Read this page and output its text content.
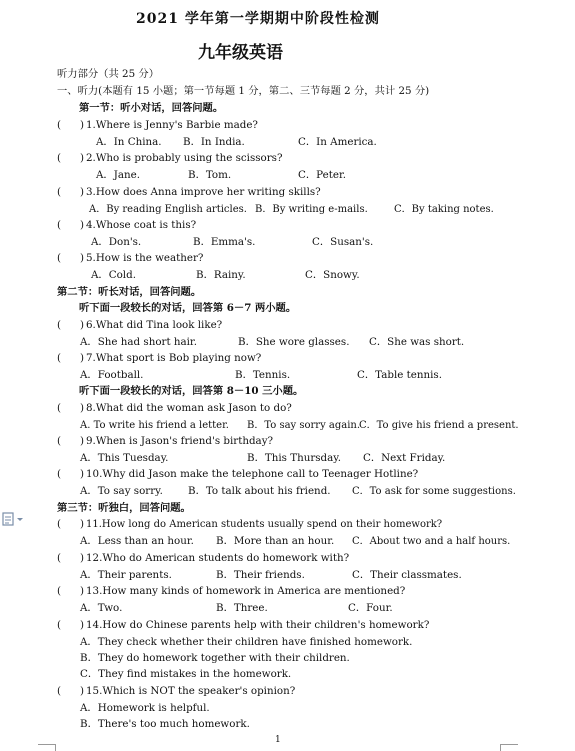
2021 学年第一学期期中阶段性检测
九年级英语
听力部分（共 25 分）
一、听力(本题有 15 小题；第一节每题 1 分，第二、三节每题 2 分，共计 25 分)
第一节：听小对话，回答问题。
( ) 1.Where is Jenny's Barbie made?
A．In China. B．In India.	C．In America.
( ) 2.Who is probably using the scissors?
A．Jane.	B．Tom.	C．Peter.
( ) 3.How does Anna improve her writing skills?
A．By reading English articles. B．By writing e-mails.	C．By taking notes.
( ) 4.Whose coat is this?
A．Don's.	B．Emma's.	C．Susan's.
( ) 5.How is the weather?
A．Cold.	B．Rainy.	C．Snowy.
第二节：听长对话，回答问题。
听下面一段较长的对话，回答第 6－7 两小题。
( ) 6.What did Tina look like?
A．She had short hair.	B．She wore glasses. C．She was short.
( ) 7.What sport is Bob playing now?
A．Football.	B．Tennis.	C．Table tennis.
听下面一段较长的对话，回答第 8－10 三小题。
( ) 8.What did the woman ask Jason to do?
A. To write his friend a letter. B．To say sorry again.
C．To give his friend a present.
( ) 9.When is Jason's friend's birthday?
A．This Tuesday.	B．This Thursday. C．Next Friday.
( ) 10.Why did Jason make the telephone call to Teenager Hotline?
A．To say sorry. B．To talk about his friend. C．To ask for some suggestions.
第三节：听独白，回答问题。
( ) 11.How long do American students usually spend on their homework?
A．Less than an hour. B．More than an hour. C．About two and a half hours.
( ) 12.Who do American students do homework with?
A．Their parents.	B．Their friends.	C．Their classmates.
( ) 13.How many kinds of homework in America are mentioned?
A．Two.	B．Three.	C．Four.
( ) 14.How do Chinese parents help with their children's homework?
A．They check whether their children have finished homework.
B．They do homework together with their children.
C．They find mistakes in the homework.
( ) 15.Which is NOT the speaker's opinion?
A．Homework is helpful.
B．There's too much homework.
1
